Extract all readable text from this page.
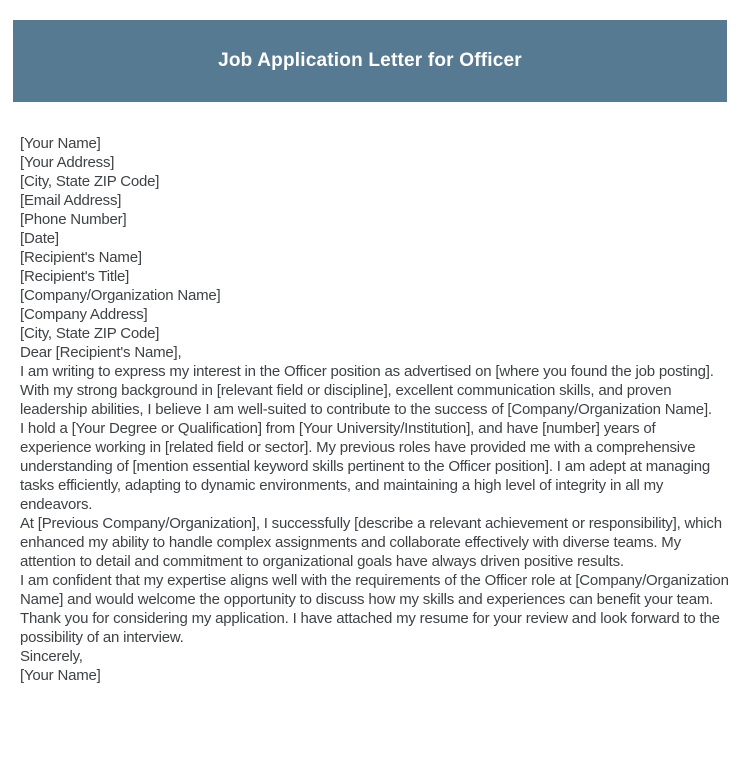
Job Application Letter for Officer
[Your Name]
[Your Address]
[City, State ZIP Code]
[Email Address]
[Phone Number]
[Date]
[Recipient's Name]
[Recipient's Title]
[Company/Organization Name]
[Company Address]
[City, State ZIP Code]
Dear [Recipient's Name],
I am writing to express my interest in the Officer position as advertised on [where you found the job posting]. With my strong background in [relevant field or discipline], excellent communication skills, and proven leadership abilities, I believe I am well-suited to contribute to the success of [Company/Organization Name].
I hold a [Your Degree or Qualification] from [Your University/Institution], and have [number] years of experience working in [related field or sector]. My previous roles have provided me with a comprehensive understanding of [mention essential keyword skills pertinent to the Officer position]. I am adept at managing tasks efficiently, adapting to dynamic environments, and maintaining a high level of integrity in all my endeavors.
At [Previous Company/Organization], I successfully [describe a relevant achievement or responsibility], which enhanced my ability to handle complex assignments and collaborate effectively with diverse teams. My attention to detail and commitment to organizational goals have always driven positive results.
I am confident that my expertise aligns well with the requirements of the Officer role at [Company/Organization Name] and would welcome the opportunity to discuss how my skills and experiences can benefit your team.
Thank you for considering my application. I have attached my resume for your review and look forward to the possibility of an interview.
Sincerely,
[Your Name]
